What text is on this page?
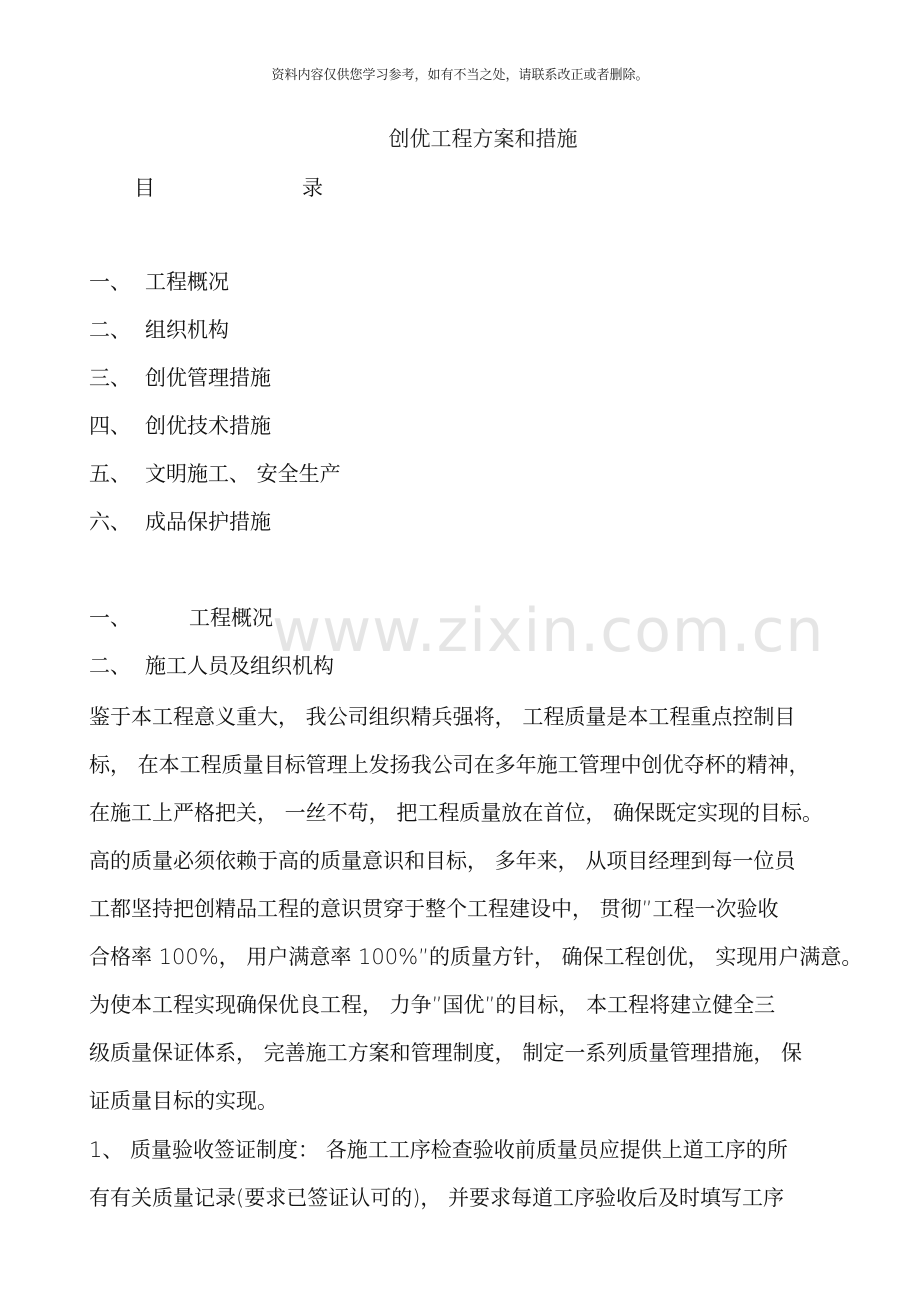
资料内容仅供您学习参考，如有不当之处，请联系改正或者删除。
创优工程方案和措施
目	录
一、 工程概况
二、 组织机构
三、 创优管理措施
四、 创优技术措施
五、 文明施工、 安全生产
六、 成品保护措施
www.zixin.com.cn
一、	工程概况
二、 施工人员及组织机构
鉴于本工程意义重大， 我公司组织精兵强将， 工程质量是本工程重点控制目
标， 在本工程质量目标管理上发扬我公司在多年施工管理中创优夺杯的精神，
在施工上严格把关， 一丝不苟， 把工程质量放在首位， 确保既定实现的目标。
高的质量必须依赖于高的质量意识和目标， 多年来， 从项目经理到每一位员
工都坚持把创精品工程的意识贯穿于整个工程建设中， 贯彻”工程一次验收
合格率 100%， 用户满意率 100%”的质量方针， 确保工程创优， 实现用户满意。
为使本工程实现确保优良工程， 力争”国优”的目标， 本工程将建立健全三
级质量保证体系， 完善施工方案和管理制度， 制定一系列质量管理措施， 保
证质量目标的实现。
1、 质量验收签证制度： 各施工工序检查验收前质量员应提供上道工序的所
有有关质量记录(要求已签证认可的)， 并要求每道工序验收后及时填写工序
